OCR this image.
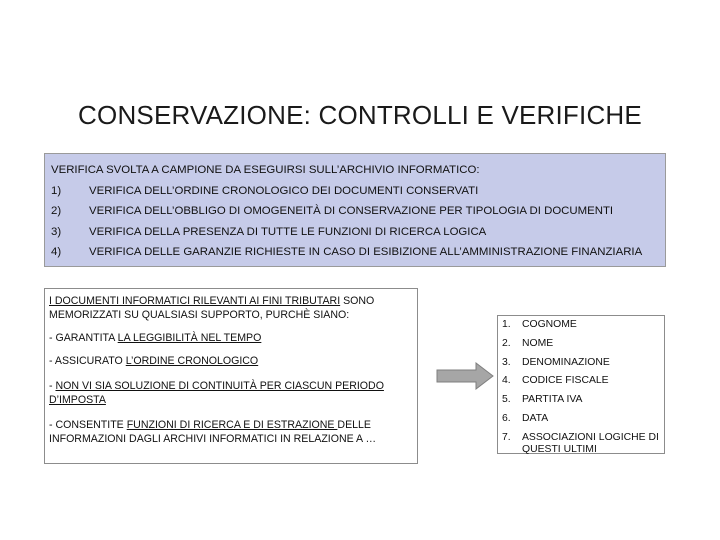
CONSERVAZIONE: CONTROLLI E VERIFICHE
VERIFICA SVOLTA A CAMPIONE DA ESEGUIRSI SULL’ARCHIVIO INFORMATICO:
1) VERIFICA DELL’ORDINE CRONOLOGICO DEI DOCUMENTI CONSERVATI
2) VERIFICA DELL’OBBLIGO DI OMOGENEITÀ DI CONSERVAZIONE PER TIPOLOGIA DI DOCUMENTI
3) VERIFICA DELLA PRESENZA DI TUTTE LE FUNZIONI DI RICERCA LOGICA
4) VERIFICA DELLE GARANZIE RICHIESTE IN CASO DI ESIBIZIONE ALL’AMMINISTRAZIONE FINANZIARIA

I DOCUMENTI INFORMATICI RILEVANTI AI FINI TRIBUTARI SONO MEMORIZZATI SU QUALSIASI SUPPORTO, PURCHÈ SIANO:

- GARANTITA LA LEGGIBILITÀ NEL TEMPO

- ASSICURATO L’ORDINE CRONOLOGICO

- NON VI SIA SOLUZIONE DI CONTINUITÀ PER CIASCUN PERIODO D’IMPOSTA

- CONSENTITE FUNZIONI DI RICERCA E DI ESTRAZIONE DELLE INFORMAZIONI DAGLI ARCHIVI INFORMATICI IN RELAZIONE A …

1.	COGNOME
2.	NOME
3.	DENOMINAZIONE
4.	CODICE FISCALE
5.	PARTITA IVA
6.	DATA
7.	ASSOCIAZIONI LOGICHE DI QUESTI ULTIMI
